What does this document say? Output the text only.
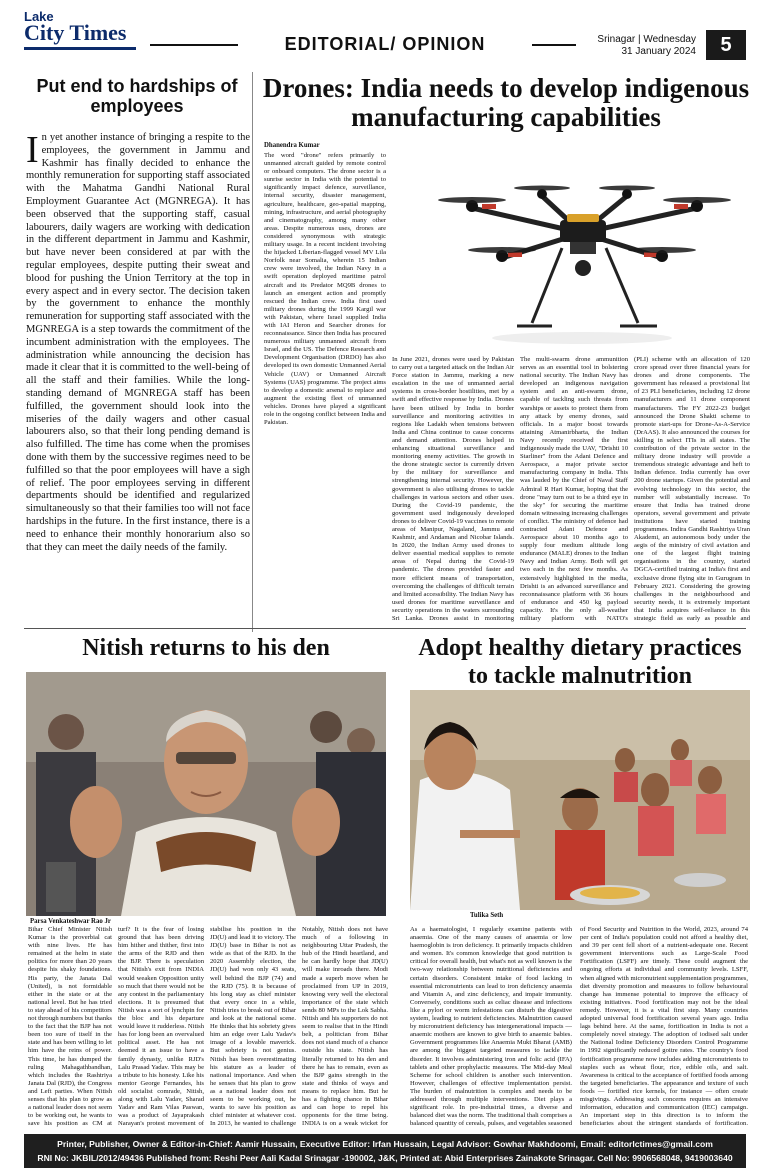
Lake
City Times	EDITORIAL/ OPINION	Srinagar | Wednesday
31 January 2024	5
Put end to hardships of employees
In yet another instance of bringing a respite to the employees, the government in Jammu and Kashmir has finally decided to enhance the monthly remuneration for supporting staff associated with the Mahatma Gandhi National Rural Employment Guarantee Act (MGNREGA). It has been observed that the supporting staff, casual labourers, daily wagers are working with dedication in the different department in Jammu and Kashmir, but have never been considered at par with the regular employees, despite putting their sweat and blood for pushing the Union Territory at the top in every aspect and in every sector. The decision taken by the government to enhance the monthly remuneration for supporting staff associated with the MGNREGA is a step towards the commitment of the incumbent administration with the employees. The administration while announcing the decision has made it clear that it is committed to the well-being of all the staff and their families. While the long-standing demand of MGNREGA staff has been fulfilled, the government should look into the miseries of the daily wagers and other casual labourers also, so that their long pending demand is also fulfilled. The time has come when the promises done with them by the successive regimes need to be fulfilled so that the poor employees will have a sigh of relief. The poor employees serving in different departments should be identified and regularized simultaneously so that their families too will not face hardships in the future. In the first instance, there is a need to enhance their monthly honorarium also so that they can meet the daily needs of the family.
Drones: India needs to develop indigenous manufacturing capabilities
Dhanendra Kumar

The word "drone" refers primarily to unmanned aircraft guided by remote control or onboard computers. The drone sector is a sunrise sector in India with the potential to significantly impact defence, surveillance, internal security, disaster management, agriculture, healthcare, geo-spatial mapping, mining, infrastructure, and aerial photography and cinematography, among many other areas. Despite numerous uses, drones are considered synonymous with strategic military usage. In a recent incident involving the hijacked Liberian-flagged vessel MV Lila Norfolk near Somalia, wherein 15 Indian crew were involved, the Indian Navy in a swift operation deployed maritime patrol aircraft and its Predator MQ9B drones to launch an emergent action and promptly rescued the Indian crew. India first used military drones during the 1999 Kargil war with Pakistan, where Israel supplied India with IAI Heron and Searcher drones for reconnaissance. Since then India has procured numerous military unmanned aircraft from Israel, and the US. The Defence Research and Development Organisation (DRDO) has also developed its own domestic Unmanned Aerial Vehicle (UAV) or Unmanned Aircraft Systems (UAS) programme. The project aims to develop a domestic arsenal to replace and augment the existing fleet of unmanned vehicles. Drones have played a significant role in the ongoing conflict between India and Pakistan.

In June 2021, drones were used by Pakistan to carry out a targeted attack on the Indian Air Force station in Jammu, marking a new escalation in the use of unmanned aerial systems in cross-border hostilities, met by a swift and effective response by India. Drones have been utilised by India in border surveillance and monitoring activities in regions like Ladakh when tensions between India and China continue to cause concerns and demand attention. Drones helped in enhancing situational surveillance and monitoring enemy activities. The growth in the drone strategic sector is currently driven by the military for surveillance and strengthening internal security. However, the government is also utilising drones to tackle challenges in various sectors and other uses. During the Covid-19 pandemic, the government used indigenously developed drones to deliver Covid-19 vaccines to remote areas of Manipur, Nagaland, Jammu and Kashmir, and Andaman and Nicobar Islands. In 2020, the Indian Army used drones to deliver essential medical supplies to remote areas of Nepal during the Covid-19 pandemic. The drones provided faster and more efficient means of transportation, overcoming the challenges of difficult terrain and limited accessibility. The Indian Navy has used drones for maritime surveillance and security operations in the waters surrounding Sri Lanka. Drones assist in monitoring

The multi-swarm drone ammunition serves as an essential tool in bolstering national security. The Indian Navy has developed an indigenous navigation system and an anti-swarm drone, capable of tackling such threats from warships or assets to protect them from any attack by enemy drones, said officials. In a major boost towards attaining Atmanirbharta, the Indian Navy recently received the first indigenously made the UAV, "Drishti 10 Starliner" from the Adani Defence and Aerospace, a major private sector manufacturing company in India. This was lauded by the Chief of Naval Staff Admiral R Hari Kumar, hoping that the drone "may turn out to be a third eye in the sky" for securing the maritime domain witnessing increasing challenges of conflict. The ministry of defence had contracted Adani Defence and Aerospace about 10 months ago to supply four medium altitude long endurance (MALE) drones to the Indian Navy and Indian Army. Both will get two each in the next few months. As extensively highlighted in the media, Drishti is an advanced surveillance and reconnaissance platform with 36 hours of endurance and 450 kg payload capacity. It's the only all-weather military platform with NATO's

(PLI) scheme with an allocation of 120 crore spread over three financial years for drones and drone components. The government has released a provisional list of 23 PLI beneficiaries, including 12 drone manufacturers and 11 drone component manufacturers. The FY 2022-23 budget announced the Drone Shakti scheme to promote start-ups for Drone-As-A-Service (DrAAS). It also announced the courses for skilling in select ITIs in all states. The contribution of the private sector in the military drone industry will provide a tremendous strategic advantage and heft to Indian defence. India currently has over 200 drone startups. Given the potential and evolving technology in this sector, the number will substantially increase. To ensure that India has trained drone operators, several government and private institutions have started training programmes. Indira Gandhi Rashtriya Uran Akademi, an autonomous body under the aegis of the ministry of civil aviation and one of the largest flight training organisations in the country, started DGCA-certified training at India's first and exclusive drone flying site in Gurugram in February 2021. Considering the growing challenges in the neighbourhood and security needs, it is extremely important that India acquires self-reliance in this strategic field as early as possible and

Nitish returns to his den
Parsa Venkateshwar Rao Jr

Bihar Chief Minister Nitish Kumar is the proverbial cat with nine lives. He has remained at the helm in state politics for more than 20 years despite his shaky foundations. His party, the Janata Dal (United), is not formidable either in the state or at the national level. But he has tried to stay ahead of his competitors not through numbers but thanks to the fact that the BJP has not been too sure of itself in the state and has been willing to let him have the reins of power. This time, he has dumped the ruling Mahagathbandhan, which includes the Rashtriya Janata Dal (RJD), the Congress and Left parties. When Nitish senses that his plan to grow as a national leader does not seem to be working out, he wants to save his position as CM at

turf? It is the fear of losing ground that has been driving him hither and thither, first into the arms of the RJD and then the BJP. There is speculation that Nitish's exit from INDIA would weaken Opposition unity so much that there would not be any contest in the parliamentary elections. It is presumed that Nitish was a sort of lynchpin for the bloc and his departure would leave it rudderless. Nitish has for long been an overvalued political asset. He has not deemed it an issue to have a family dynasty, unlike RJD's Lalu Prasad Yadav. This may be a tribute to his honesty. Like his mentor George Fernandes, his old socialist comrade, Nitish, along with Lalu Yadav, Sharad Yadav and Ram Vilas Paswan, was a product of Jayaprakash Narayan's protest movement of

stabilise his position in the JD(U) and lead it to victory. The JD(U) base in Bihar is not as wide as that of the RJD. In the 2020 Assembly election, the JD(U) had won only 43 seats, well behind the BJP (74) and the RJD (75). It is because of his long stay as chief minister that every once in a while, Nitish tries to break out of Bihar and look at the national scene. He thinks that his sobriety gives him an edge over Lalu Yadav's image of a lovable maverick. But sobriety is not genius. Nitish has been overestimating his stature as a leader of national importance. And when he senses that his plan to grow as a national leader does not seem to be working out, he wants to save his position as chief minister at whatever cost. In 2013, he wanted to challenge

Notably, Nitish does not have much of a following in neighbouring Uttar Pradesh, the hub of the Hindi heartland, and he can hardly hope that JD(U) will make inroads there. Modi made a superb move when he proclaimed from UP in 2019, knowing very well the electoral importance of the state which sends 80 MPs to the Lok Sabha. Nitish and his supporters do not seem to realise that in the Hindi belt, a politician from Bihar does not stand much of a chance outside his state. Nitish has literally returned to his den and there he has to remain, even as the BJP gains strength in the state and thinks of ways and means to replace him. But he has a fighting chance in Bihar and can hope to repel his opponents for the time being. INDIA is on a weak wicket for

Adopt healthy dietary practices to tackle malnutrition
Tulika Seth

As a haematologist, I regularly examine patients with anaemia. One of the many causes of anaemia or low haemoglobin is iron deficiency. It primarily impacts children and women. It's common knowledge that good nutrition is critical for overall health, but what's not as well known is the two-way relationship between nutritional deficiencies and certain disorders. Consistent intake of food lacking in essential micronutrients can lead to iron deficiency anaemia and Vitamin A, and zinc deficiency, and impair immunity. Conversely, conditions such as celiac disease and infections like a pylori or worm infestations can disturb the digestive system, leading to nutrient deficiencies. Malnutrition caused by micronutrient deficiency has intergenerational impacts — anaemic mothers are known to give birth to anaemic babies. Government programmes like Anaemia Mukt Bharat (AMB) are among the biggest targeted measures to tackle the disorder. It involves administering iron and folic acid (IFA) tablets and other prophylactic measures. The Mid-day Meal Scheme for school children is another such intervention. However, challenges of effective implementation persist. The burden of malnutrition is complex and needs to be addressed through multiple interventions. Diet plays a significant role. In pre-industrial times, a diverse and balanced diet was the norm. The traditional thali comprises a balanced quantity of cereals, pulses, and vegetables seasoned

of Food Security and Nutrition in the World, 2023, around 74 per cent of India's population could not afford a healthy diet, and 39 per cent fell short of a nutrient-adequate one. Recent government interventions such as Large-Scale Food Fortification (LSFF) are timely. These could augment the ongoing efforts at individual and community levels. LSFF, when aligned with micronutrient supplementation programmes, diet diversity promotion and measures to follow behavioural change has immense potential to improve the efficacy of existing initiatives. Food fortification may not be the ideal remedy. However, it is a vital first step. Many countries adopted universal food fortification several years ago. India lags behind here. At the same, fortification in India is not a completely novel strategy. The adoption of iodised salt under the National Iodine Deficiency Disorders Control Programme in 1992 significantly reduced goitre rates. The country's food fortification programme now includes adding micronutrients to staples such as wheat flour, rice, edible oils, and salt. Awareness is critical to the acceptance of fortified foods among the targeted beneficiaries. The appearance and texture of such foods — fortified rice kernels, for instance — often create misgivings. Addressing such concerns requires an intensive information, education and communication (IEC) campaign. An important step in this direction is to inform the beneficiaries about the stringent standards of fortification.

Printer, Publisher, Owner & Editor-in-Chief: Aamir Hussain, Executive Editor: Irfan Hussain, Legal Advisor: Gowhar Makhdoomi, Email: editorlctimes@gmail.com
RNI No: JKBIL/2012/49436 Published from: Reshi Peer Aali Kadal Srinagar -190002, J&K, Printed at: Abid Enterprises Zainakote Srinagar. Cell No: 9906568048, 9419003640
